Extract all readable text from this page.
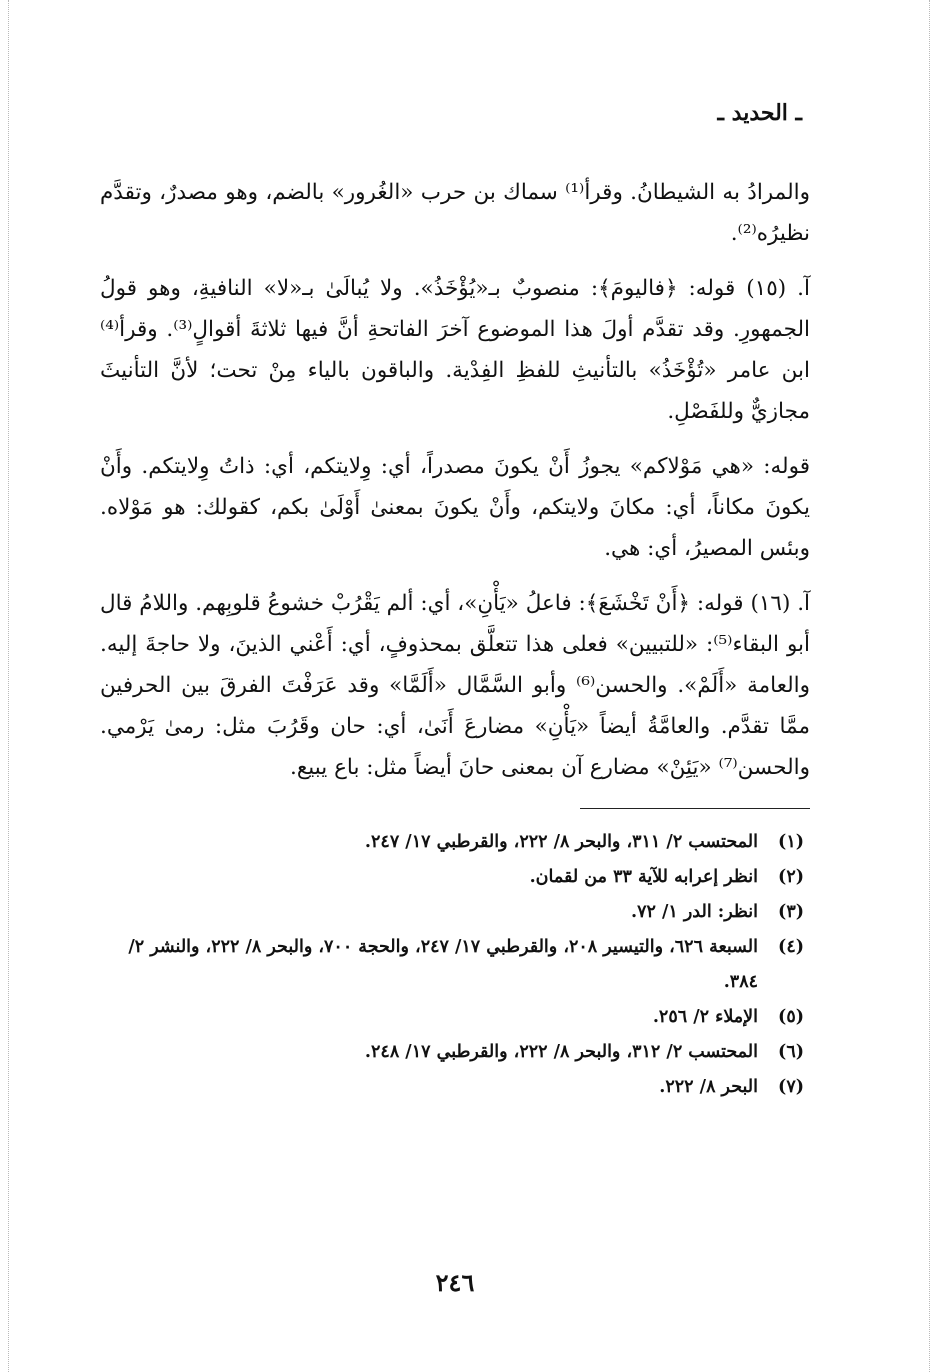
ـ الحديد ـ

والمرادُ به الشيطانُ. وقرأ⁽¹⁾ سماك بن حرب «الغُرور» بالضم، وهو مصدرٌ، وتقدَّم نظيرُه⁽²⁾.

آ. (١٥) قوله: ﴿فاليومَ﴾: منصوبٌ بـ«يُؤْخَذُ». ولا يُبالَىٰ بـ«لا» النافيةِ، وهو قولُ الجمهورِ. وقد تقدَّم أولَ هذا الموضوع آخرَ الفاتحةِ أنَّ فيها ثلاثةَ أقوالٍ⁽³⁾. وقرأ⁽⁴⁾ ابن عامر «تُؤْخَذُ» بالتأنيثِ للفظِ الفِدْية. والباقون بالياء مِنْ تحت؛ لأنَّ التأنيثَ مجازيٌّ وللفَصْلِ.

قوله: «هي مَوْلاكم» يجوزُ أَنْ يكونَ مصدراً، أي: وِلايتكم، أي: ذاتُ وِلايتكم. وأَنْ يكونَ مكاناً، أي: مكانَ ولايتكم، وأَنْ يكونَ بمعنىٰ أَوْلَىٰ بكم، كقولك: هو مَوْلاه. وبئس المصيرُ، أي: هي.

آ. (١٦) قوله: ﴿أَنْ تَخْشَعَ﴾: فاعلُ «يَأْنِ»، أي: ألم يَقْرُبْ خشوعُ قلوبِهم. واللامُ قال أبو البقاء⁽⁵⁾: «للتبيين» فعلى هذا تتعلَّق بمحذوفٍ، أي: أَعْني الذينَ، ولا حاجةَ إليه. والعامة «أَلَمْ». والحسن⁽⁶⁾ وأبو السَّمَّال «أَلَمَّا» وقد عَرَفْتَ الفرقَ بين الحرفين ممَّا تقدَّم. والعامَّةُ أيضاً «يَأْنِ» مضارعَ أَنَىٰ، أي: حان وقَرُبَ مثل: رمىٰ يَرْمي. والحسن⁽⁷⁾ «يَئِنْ» مضارع آن بمعنى حانَ أيضاً مثل: باع يبيع.

(١)
المحتسب ٢/ ٣١١، والبحر ٨/ ٢٢٢، والقرطبي ١٧/ ٢٤٧.
(٢)
انظر إعرابه للآية ٣٣ من لقمان.
(٣)
انظر: الدر ١/ ٧٢.
(٤)
السبعة ٦٢٦، والتيسير ٢٠٨، والقرطبي ١٧/ ٢٤٧، والحجة ٧٠٠، والبحر ٨/ ٢٢٢، والنشر ٢/ ٣٨٤.
(٥)
الإملاء ٢/ ٢٥٦.
(٦)
المحتسب ٢/ ٣١٢، والبحر ٨/ ٢٢٢، والقرطبي ١٧/ ٢٤٨.
(٧)
البحر ٨/ ٢٢٢.
٢٤٦
